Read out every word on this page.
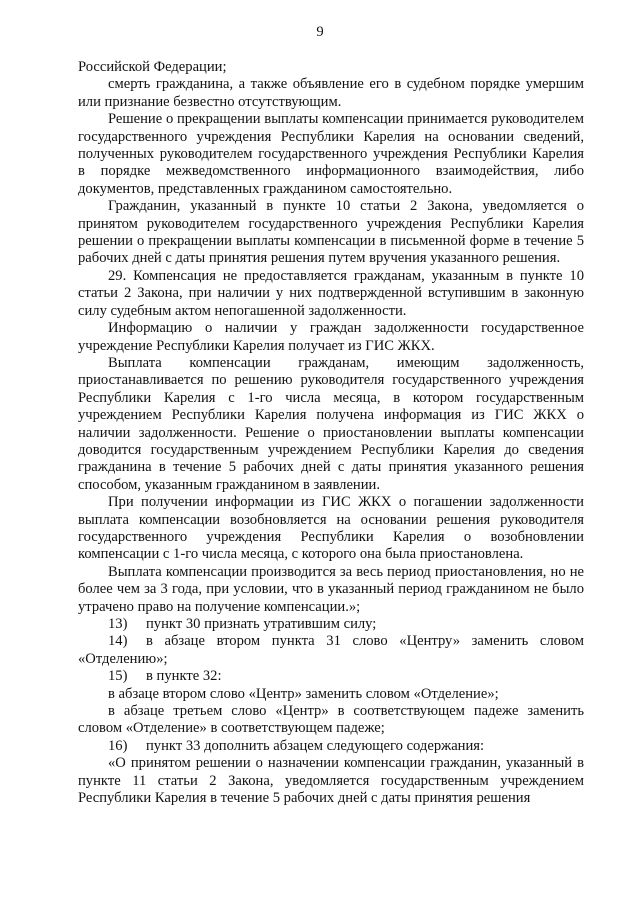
9

Российской Федерации;

смерть гражданина, а также объявление его в судебном порядке умершим или признание безвестно отсутствующим.

Решение о прекращении выплаты компенсации принимается руководителем государственного учреждения Республики Карелия на основании сведений, полученных руководителем государственного учреждения Республики Карелия в порядке межведомственного информационного взаимодействия, либо документов, представленных гражданином самостоятельно.

Гражданин, указанный в пункте 10 статьи 2 Закона, уведомляется о принятом руководителем государственного учреждения Республики Карелия решении о прекращении выплаты компенсации в письменной форме в течение 5 рабочих дней с даты принятия решения путем вручения указанного решения.

29. Компенсация не предоставляется гражданам, указанным в пункте 10 статьи 2 Закона, при наличии у них подтвержденной вступившим в законную силу судебным актом непогашенной задолженности.

Информацию о наличии у граждан задолженности государственное учреждение Республики Карелия получает из ГИС ЖКХ.

Выплата компенсации гражданам, имеющим задолженность, приостанавливается по решению руководителя государственного учреждения Республики Карелия с 1-го числа месяца, в котором государственным учреждением Республики Карелия получена информация из ГИС ЖКХ о наличии задолженности. Решение о приостановлении выплаты компенсации доводится государственным учреждением Республики Карелия до сведения гражданина в течение 5 рабочих дней с даты принятия указанного решения способом, указанным гражданином в заявлении.

При получении информации из ГИС ЖКХ о погашении задолженности выплата компенсации возобновляется на основании решения руководителя государственного учреждения Республики Карелия о возобновлении компенсации с 1-го числа месяца, с которого она была приостановлена.

Выплата компенсации производится за весь период приостановления, но не более чем за 3 года, при условии, что в указанный период гражданином не было утрачено право на получение компенсации.»;

13) пункт 30 признать утратившим силу;

14) в абзаце втором пункта 31 слово «Центру» заменить словом «Отделению»;

15) в пункте 32:

в абзаце втором слово «Центр» заменить словом «Отделение»;

в абзаце третьем слово «Центр» в соответствующем падеже заменить словом «Отделение» в соответствующем падеже;

16) пункт 33 дополнить абзацем следующего содержания:

«О принятом решении о назначении компенсации гражданин, указанный в пункте 11 статьи 2 Закона, уведомляется государственным учреждением Республики Карелия в течение 5 рабочих дней с даты принятия решения
